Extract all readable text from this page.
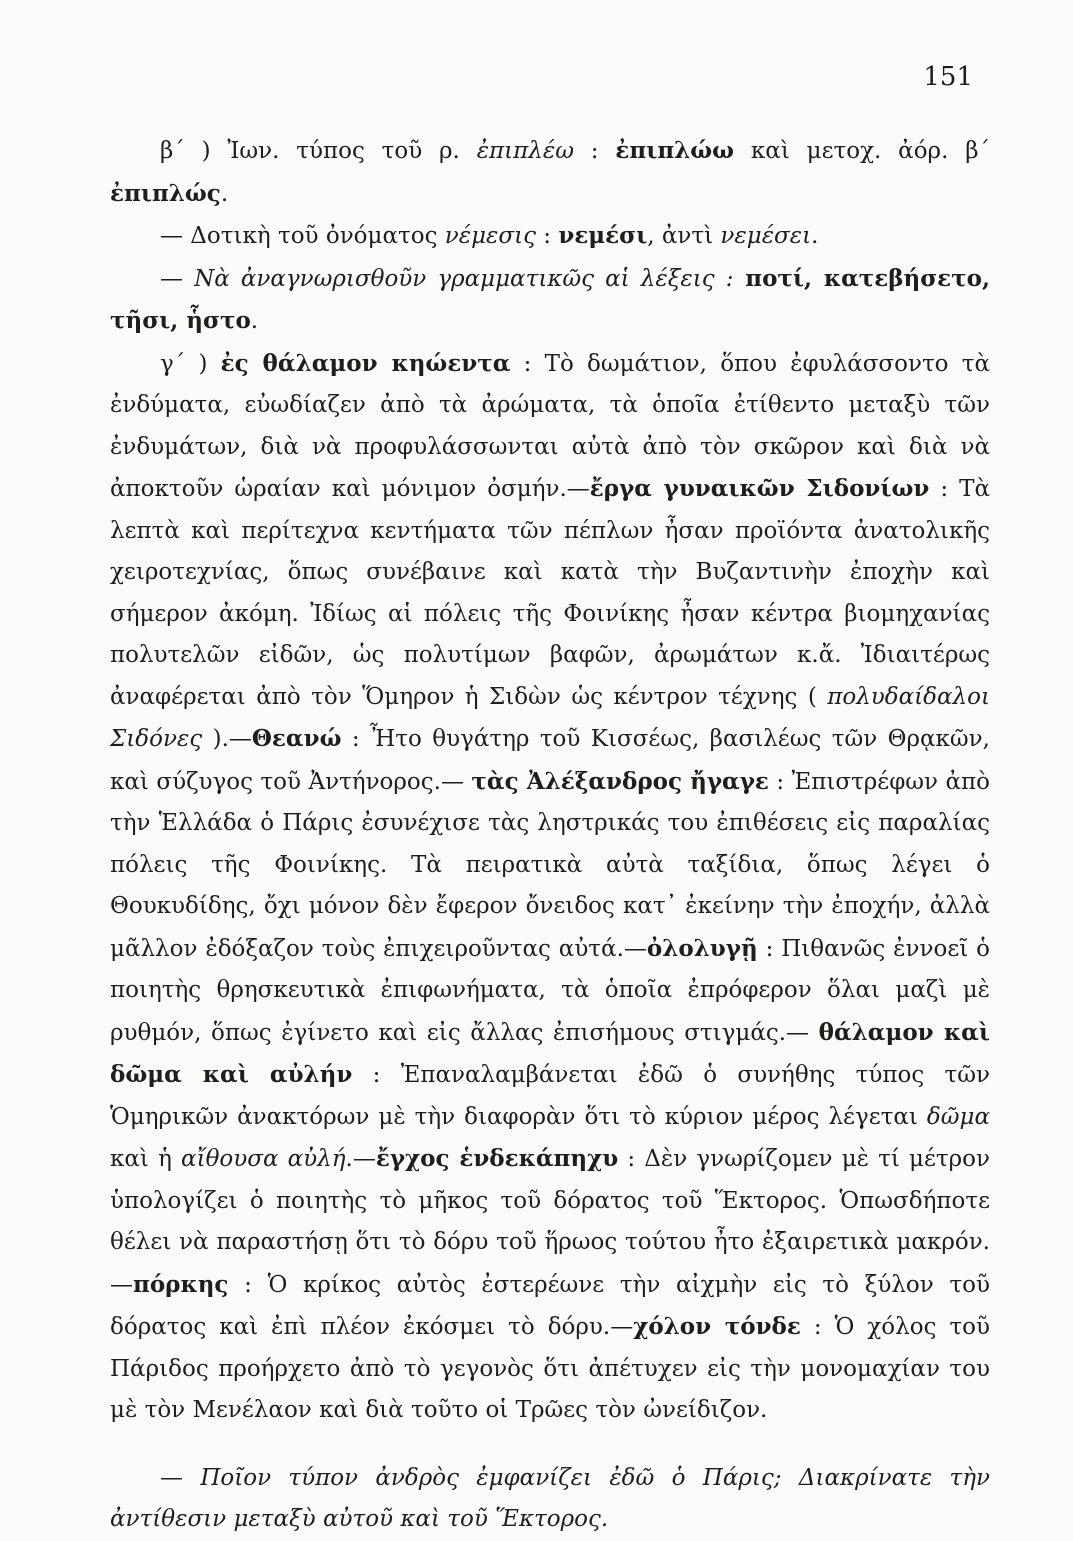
151

β´ ) Ἰων. τύπος τοῦ ρ. ἐπιπλέω : ἐπιπλώω καὶ μετοχ. ἀόρ. β´ ἐπιπλώς.

— Δοτικὴ τοῦ ὀνόματος νέμεσις : νεμέσι, ἀντὶ νεμέσει.

— Νὰ ἀναγνωρισθοῦν γραμματικῶς αἱ λέξεις : ποτί, κατεβήσετο, τῆσι, ἧστο.

γ´ ) ἐς θάλαμον κηώεντα : Τὸ δωμάτιον, ὅπου ἐφυλάσσοντο τὰ ἐνδύματα, εὐωδίαζεν ἀπὸ τὰ ἀρώματα, τὰ ὁποῖα ἐτίθεντο μεταξὺ τῶν ἐνδυμάτων, διὰ νὰ προφυλάσσωνται αὐτὰ ἀπὸ τὸν σκῶρον καὶ διὰ νὰ ἀποκτοῦν ὡραίαν καὶ μόνιμον ὀσμήν.—ἔργα γυναικῶν Σιδονίων : Τὰ λεπτὰ καὶ περίτεχνα κεντήματα τῶν πέπλων ἦσαν προϊόντα ἀνατολικῆς χειροτεχνίας, ὅπως συνέβαινε καὶ κατὰ τὴν Βυζαντινὴν ἐποχὴν καὶ σήμερον ἀκόμη. Ἰδίως αἱ πόλεις τῆς Φοινίκης ἦσαν κέντρα βιομηχανίας πολυτελῶν εἰδῶν, ὡς πολυτίμων βαφῶν, ἀρωμάτων κ.ἄ. Ἰδιαιτέρως ἀναφέρεται ἀπὸ τὸν Ὅμηρον ἡ Σιδὼν ὡς κέντρον τέχνης ( πολυδαίδαλοι Σιδόνες ).—Θεανώ : Ἦτο θυγάτηρ τοῦ Κισσέως, βασιλέως τῶν Θρᾳκῶν, καὶ σύζυγος τοῦ Ἀντήνορος.— τὰς Ἀλέξανδρος ἤγαγε : Ἐπιστρέφων ἀπὸ τὴν Ἑλλάδα ὁ Πάρις ἐσυνέχισε τὰς ληστρικάς του ἐπιθέσεις εἰς παραλίας πόλεις τῆς Φοινίκης. Τὰ πειρατικὰ αὐτὰ ταξίδια, ὅπως λέγει ὁ Θουκυδίδης, ὄχι μόνον δὲν ἔφερον ὄνειδος κατ᾽ ἐκείνην τὴν ἐποχήν, ἀλλὰ μᾶλλον ἐδόξαζον τοὺς ἐπιχειροῦντας αὐτά.—ὀλολυγῇ : Πιθανῶς ἐννοεῖ ὁ ποιητὴς θρησκευτικὰ ἐπιφωνήματα, τὰ ὁποῖα ἐπρόφερον ὅλαι μαζὶ μὲ ρυθμόν, ὅπως ἐγίνετο καὶ εἰς ἄλλας ἐπισήμους στιγμάς.— θάλαμον καὶ δῶμα καὶ αὐλήν : Ἐπαναλαμβάνεται ἐδῶ ὁ συνήθης τύπος τῶν Ὁμηρικῶν ἀνακτόρων μὲ τὴν διαφορὰν ὅτι τὸ κύριον μέρος λέγεται δῶμα καὶ ἡ αἴθουσα αὐλή.—ἔγχος ἑνδεκάπηχυ : Δὲν γνωρίζομεν μὲ τί μέτρον ὑπολογίζει ὁ ποιητὴς τὸ μῆκος τοῦ δόρατος τοῦ Ἕκτορος. Ὁπωσδήποτε θέλει νὰ παραστήσῃ ὅτι τὸ δόρυ τοῦ ἥρωος τούτου ἦτο ἐξαιρετικὰ μακρόν.—πόρκης : Ὁ κρίκος αὐτὸς ἐστερέωνε τὴν αἰχμὴν εἰς τὸ ξύλον τοῦ δόρατος καὶ ἐπὶ πλέον ἐκόσμει τὸ δόρυ.—χόλον τόνδε : Ὁ χόλος τοῦ Πάριδος προήρχετο ἀπὸ τὸ γεγονὸς ὅτι ἀπέτυχεν εἰς τὴν μονομαχίαν του μὲ τὸν Μενέλαον καὶ διὰ τοῦτο οἱ Τρῶες τὸν ὠνείδιζον.

— Ποῖον τύπον ἀνδρὸς ἐμφανίζει ἐδῶ ὁ Πάρις; Διακρίνατε τὴν ἀντίθεσιν μεταξὺ αὐτοῦ καὶ τοῦ Ἕκτορος.
